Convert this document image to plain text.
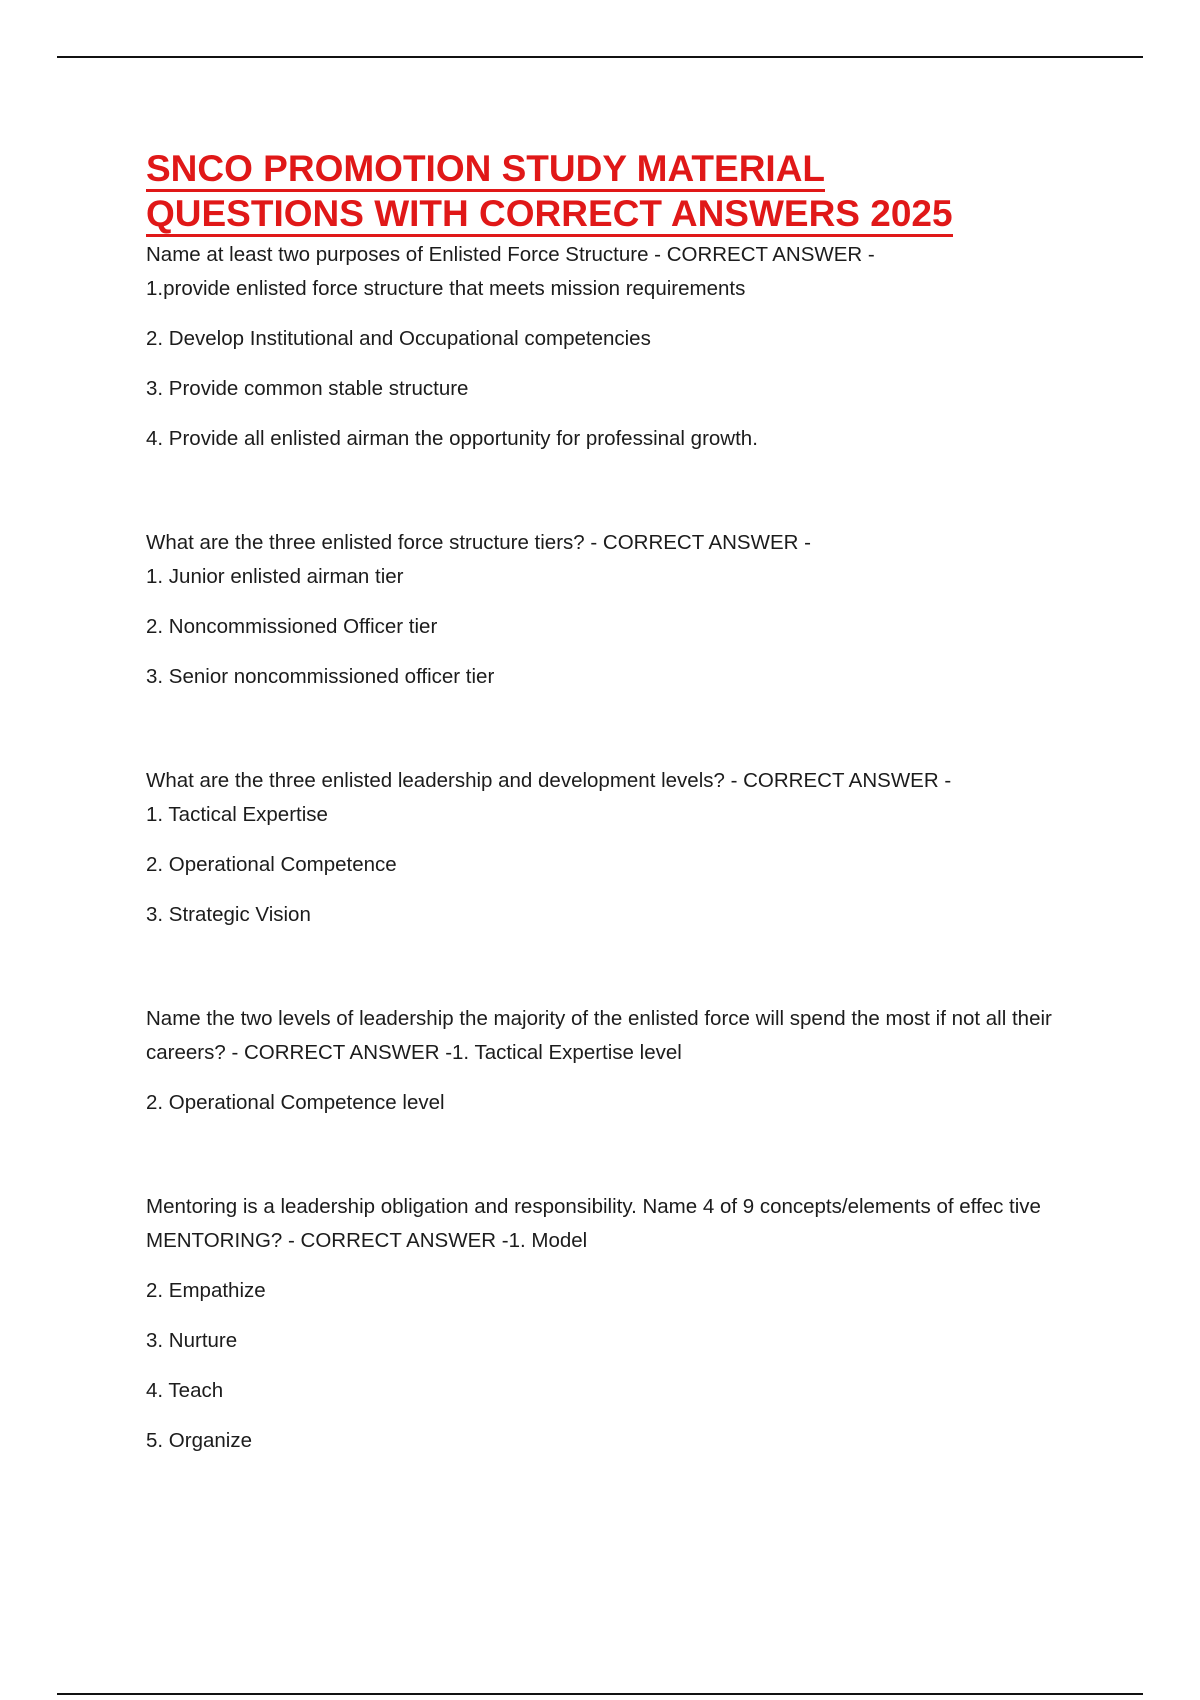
SNCO PROMOTION STUDY MATERIAL
QUESTIONS WITH CORRECT ANSWERS 2025

Name at least two purposes of Enlisted Force Structure - CORRECT ANSWER -

1.provide enlisted force structure that meets mission requirements

2. Develop Institutional and Occupational competencies

3. Provide common stable structure

4. Provide all enlisted airman the opportunity for professinal growth.

What are the three enlisted force structure tiers? - CORRECT ANSWER -

1. Junior enlisted airman tier

2. Noncommissioned Officer tier

3. Senior noncommissioned officer tier

What are the three enlisted leadership and development levels? - CORRECT ANSWER -

1. Tactical Expertise

2. Operational Competence

3. Strategic Vision

Name the two levels of leadership the majority of the enlisted force will spend the most if not all their careers? - CORRECT ANSWER -1. Tactical Expertise level

2. Operational Competence level

Mentoring is a leadership obligation and responsibility. Name 4 of 9 concepts/elements of effec tive MENTORING? - CORRECT ANSWER -1. Model

2. Empathize

3. Nurture

4. Teach

5. Organize
